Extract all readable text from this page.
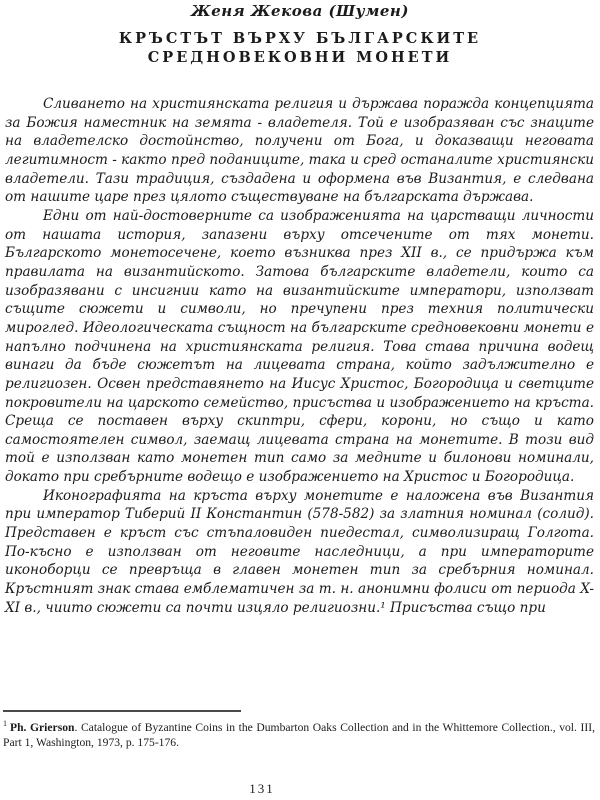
Женя Жекова (Шумен)
КРЪСТЪТ ВЪРХУ БЪЛГАРСКИТЕ
СРЕДНОВЕКОВНИ МОНЕТИ

Сливането на християнската религия и държава поражда концепцията за Божия наместник на земята - владетеля. Той е изобразяван със знаците на владетелско достойнство, получени от Бога, и доказващи неговата легитимност - както пред поданиците, така и сред останалите християнски владетели. Тази традиция, създадена и оформена във Византия, е следвана от нашите царе през цялото съществуване на българската държава.

Едни от най-достоверните са изображенията на царстващи личности от нашата история, запазени върху отсечените от тях монети. Българското монетосечене, което възниква през XII в., се придържа към правилата на византийското. Затова българските владетели, които са изобразявани с инсигнии като на византийските императори, използват същите сюжети и символи, но пречупени през техния политически мироглед. Идеологическата същност на българските средновековни монети е напълно подчинена на християнската религия. Това става причина водещ винаги да бъде сюжетът на лицевата страна, който задължително е религиозен. Освен представянето на Иисус Христос, Богородица и светците покровители на царското семейство, присъства и изображението на кръста. Среща се поставен върху скиптри, сфери, корони, но също и като самостоятелен символ, заемащ лицевата страна на монетите. В този вид той е използван като монетен тип само за медните и билонови номинали, докато при сребърните водещо е изображението на Христос и Богородица.

Иконографията на кръста върху монетите е наложена във Византия при император Тиберий II Константин (578-582) за златния номинал (солид). Представен е кръст със стъпаловиден пиедестал, символизиращ Голгота. По-късно е използван от неговите наследници, а при императорите иконоборци се превръща в главен монетен тип за сребърния номинал. Кръстният знак става емблематичен за т. н. анонимни фолиси от периода X-XI в., чиито сюжети са почти изцяло религиозни.¹ Присъства също при

$^1$ Ph. Grierson. Catalogue of Byzantine Coins in the Dumbarton Oaks Collection and in the Whittemore Collection., vol. III, Part 1, Washington, 1973, p. 175-176.
131
